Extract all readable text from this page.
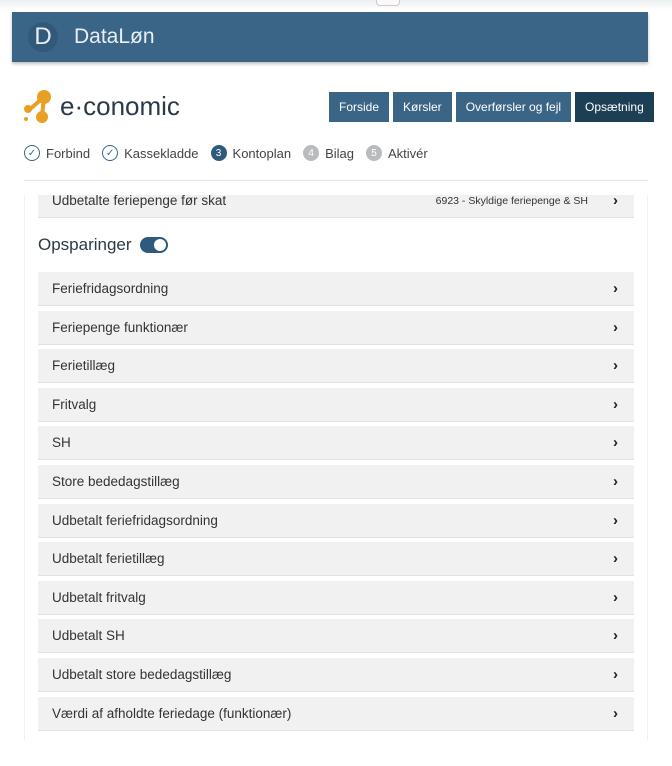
D	DataLøn
e·conomic	Forside	Kørsler	Overførsler og fejl	Opsætning
✓ Forbind	✓ Kassekladde	3 Kontoplan	4 Bilag	5 Aktivér
Udbetalte feriepenge før skat	6923 - Skyldige feriepenge & SH ›
Opsparinger
Feriefridagsordning	›
Feriepenge funktionær	›
Ferietillæg	›
Fritvalg	›
SH	›
Store bededagstillæg	›
Udbetalt feriefridagsordning	›
Udbetalt ferietillæg	›
Udbetalt fritvalg	›
Udbetalt SH	›
Udbetalt store bededagstillæg	›
Værdi af afholdte feriedage (funktionær)	›
